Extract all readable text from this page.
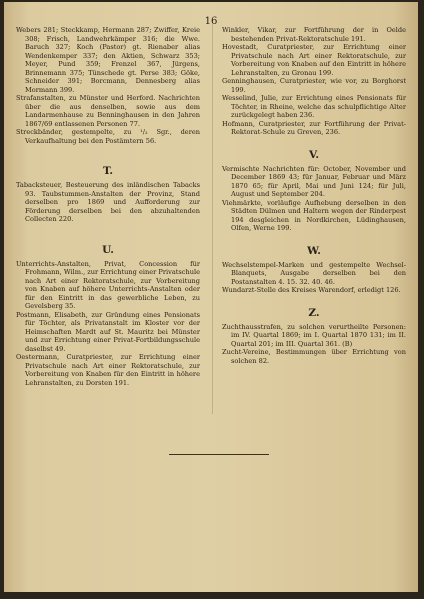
16

Webers 281; Steckkamp, Hermann 287; Zwiffer, Kreie 308; Frisch, Landwehrkämper 316; die Wwe. Baruch 327; Koch (Pastor) gt. Rienaber alias Wendenkemper 337; den Aktien, Schwarz 353; Meyer, Pund 359; Frenzel 367, Jürgens, Brinnemann 375; Tünschede gt. Perse 383; Göke, Schneider 391; Borcmann, Dennesberg alias Mormann 399.

Strafanstalten, zu Münster und Herford. Nachrichten über die aus denselben, sowie aus dem Landarmenhause zu Benninghausen in den Jahren 1867/69 entlassenen Personen 77.

Streckbänder, gestempelte, zu ¹/₂ Sgr., deren Verkaufhaltung bei den Postämtern 56.

T.

Tabacksteuer, Besteuerung des inländischen Tabacks 93. Taubstummen-Anstalten der Provinz, Stand derselben pro 1869 und Aufforderung zur Förderung derselben bei den abzuhaltenden Collecten 220.

U.

Unterrichts-Anstalten, Privat, Concession für Frohmann, Wilm., zur Errichtung einer Privatschule nach Art einer Rektoratschule, zur Vorbereitung von Knaben auf höhere Unterrichts-Anstalten oder für den Eintritt in das gewerbliche Leben, zu Gevelsberg 35.

Postmann, Elisabeth, zur Gründung eines Pensionats für Töchter, als Privatanstalt im Kloster vor der Heimschaften Mardt auf St. Mauritz bei Münster und zur Errichtung einer Privat-Fortbildungsschule daselbst 49.

Oestermann, Curatpriester, zur Errichtung einer Privatschule nach Art einer Rektoratschule, zur Vorbereitung von Knaben für den Eintritt in höhere Lehranstalten, zu Dorsten 191.

Winkler, Vikar, zur Fortführung der in Oelde bestehenden Privat-Rektoratschule 191.

Hovestadt, Curatpriester, zur Errichtung einer Privatschule nach Art einer Rektoratschule, zur Vorbereitung von Knaben auf den Eintritt in höhere Lehranstalten, zu Gronau 199.

Genninghausen, Curatpriester, wie vor, zu Borghorst 199.

Wesselind, Julie, zur Errichtung eines Pensionats für Töchter, in Rheine, welche das schulpflichtige Alter zurückgelegt haben 236.

Hofmann, Curatpriester, zur Fortführung der Privat-Rektorat-Schule zu Greven, 236.

V.

Vermischte Nachrichten für: October, November und December 1869 43; für Januar, Februar und März 1870 65; für April, Mai und Juni 124; für Juli, August und September 204.

Viehmärkte, vorläufige Aufhebung derselben in den Städten Dülmen und Haltern wegen der Rinderpest 194 desgleichen in Nordkirchen, Lüdinghausen, Olfen, Werne 199.

W.

Wechselstempel-Marken und gestempelte Wechsel-Blanquets, Ausgabe derselben bei den Postanstalten 4. 15. 32. 40. 46.

Wundarzt-Stelle des Kreises Warendorf, erledigt 126.

Z.

Zuchthausstrafen, zu solchen verurtheilte Personen: im IV. Quartal 1869; im I. Quartal 1870 131; im II. Quartal 201; im III. Quartal 361. (B)

Zucht-Vereine, Bestimmungen über Errichtung von solchen 82.
